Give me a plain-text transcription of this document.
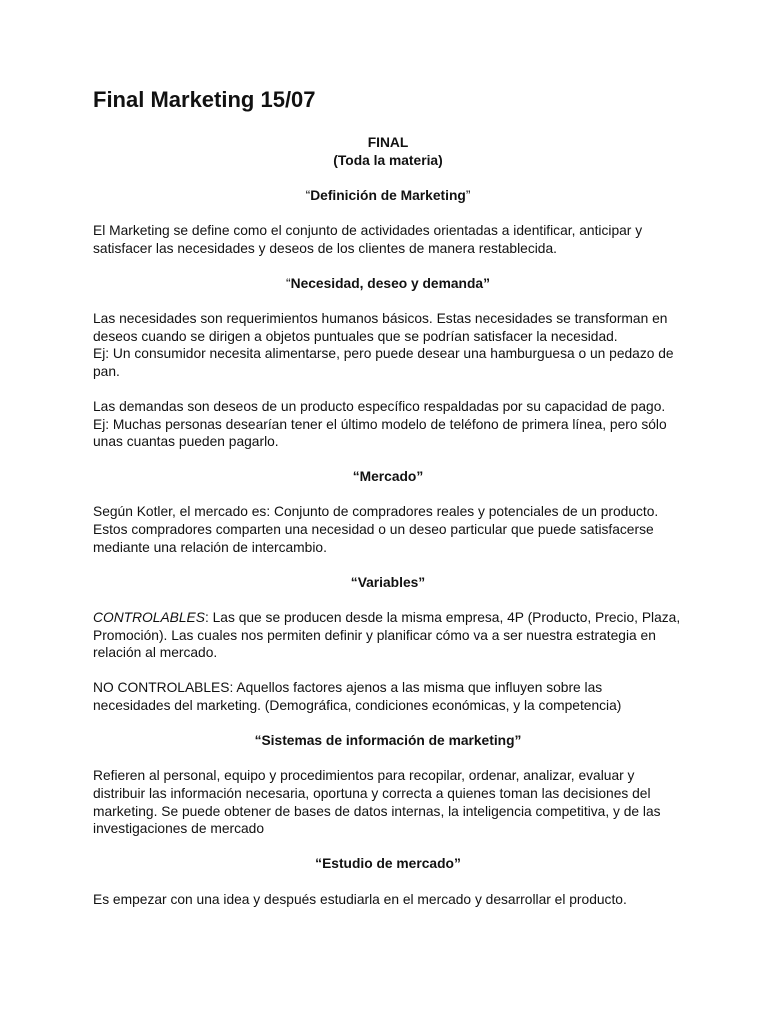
Final Marketing 15/07
FINAL
(Toda la materia)

“Definición de Marketing”

El Marketing se define como el conjunto de actividades orientadas a identificar, anticipar y satisfacer las necesidades y deseos de los clientes de manera restablecida.

“Necesidad, deseo y demanda”

Las necesidades son requerimientos humanos básicos. Estas necesidades se transforman en deseos cuando se dirigen a objetos puntuales que se podrían satisfacer la necesidad.

Ej: Un consumidor necesita alimentarse, pero puede desear una hamburguesa o un pedazo de pan.

Las demandas son deseos de un producto específico respaldadas por su capacidad de pago.

Ej: Muchas personas desearían tener el último modelo de teléfono de primera línea, pero sólo unas cuantas pueden pagarlo.

“Mercado”

Según Kotler, el mercado es: Conjunto de compradores reales y potenciales de un producto. Estos compradores comparten una necesidad o un deseo particular que puede satisfacerse mediante una relación de intercambio.

“Variables”

CONTROLABLES: Las que se producen desde la misma empresa, 4P (Producto, Precio, Plaza, Promoción). Las cuales nos permiten definir y planificar cómo va a ser nuestra estrategia en relación al mercado.

NO CONTROLABLES: Aquellos factores ajenos a las misma que influyen sobre las necesidades del marketing. (Demográfica, condiciones económicas, y la competencia)

“Sistemas de información de marketing”

Refieren al personal, equipo y procedimientos para recopilar, ordenar, analizar, evaluar y distribuir las información necesaria, oportuna y correcta a quienes toman las decisiones del marketing. Se puede obtener de bases de datos internas, la inteligencia competitiva, y de las investigaciones de mercado

“Estudio de mercado”

Es empezar con una idea y después estudiarla en el mercado y desarrollar el producto.
